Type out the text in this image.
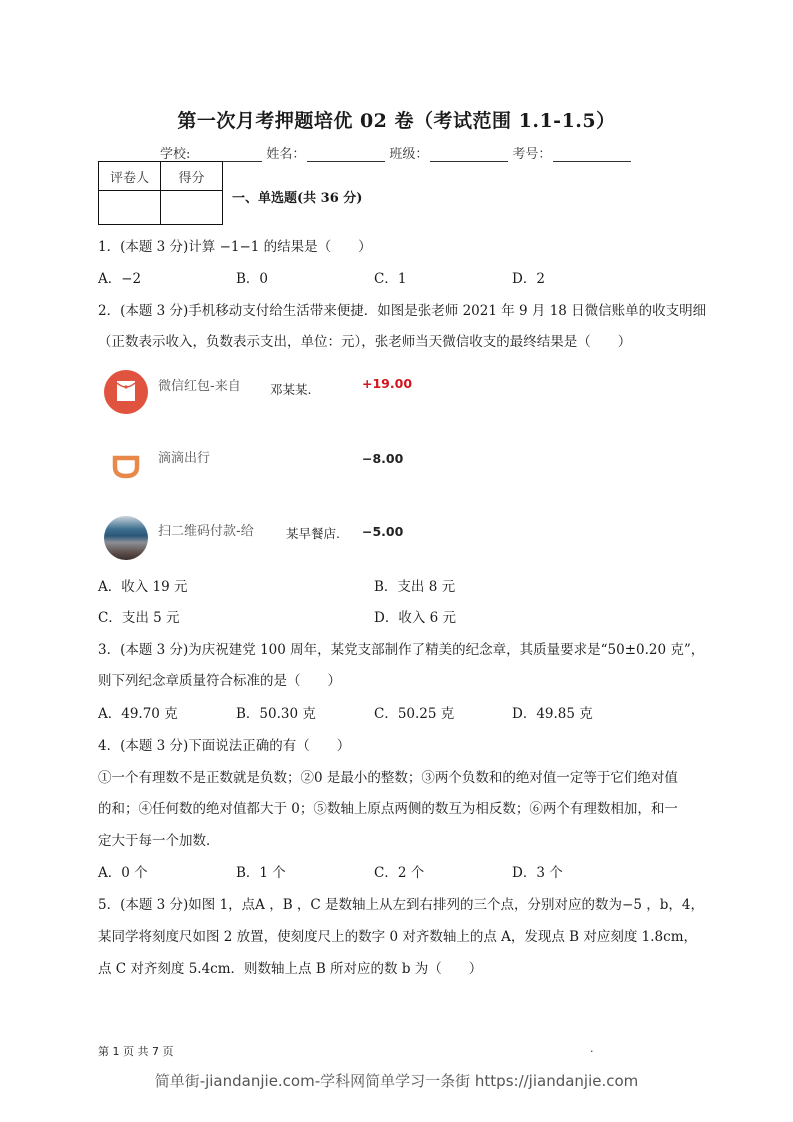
第一次月考押题培优 02 卷（考试范围 1.1-1.5）
学校:	姓名：	班级：	考号：
评卷人	得分

一、单选题(共 36 分)
1．(本题 3 分)计算 −1−1 的结果是（　　）
A．−2	B．0	C．1	D．2
2．(本题 3 分)手机移动支付给生活带来便捷．如图是张老师 2021 年 9 月 18 日微信账单的收支明细
（正数表示收入，负数表示支出，单位：元），张老师当天微信收支的最终结果是（　　）
微信红包-来自 邓某某.	+19.00
滴滴出行	−8.00
扫二维码付款-给	某早餐店. −5.00
A．收入 19 元	B．支出 8 元
C．支出 5 元	D．收入 6 元
3．(本题 3 分)为庆祝建党 100 周年，某党支部制作了精美的纪念章，其质量要求是“50±0.20 克”，
则下列纪念章质量符合标准的是（　　）
A．49.70 克	B．50.30 克	C．50.25 克	D．49.85 克
4．(本题 3 分)下面说法正确的有（　　）
①一个有理数不是正数就是负数；②0 是最小的整数；③两个负数和的绝对值一定等于它们绝对值
的和；④任何数的绝对值都大于 0；⑤数轴上原点两侧的数互为相反数；⑥两个有理数相加，和一
定大于每一个加数．
A．0 个	B．1 个	C．2 个	D．3 个
5．(本题 3 分)如图 1，点A ，B ，C 是数轴上从左到右排列的三个点，分别对应的数为−5 ，b，4，
某同学将刻度尺如图 2 放置，使刻度尺上的数字 0 对齐数轴上的点 A，发现点 B 对应刻度 1.8cm，
点 C 对齐刻度 5.4cm．则数轴上点 B 所对应的数 b 为（　　）
第 1 页 共 7 页	.
简单街-jiandanjie.com-学科网简单学习一条街 https://jiandanjie.com
